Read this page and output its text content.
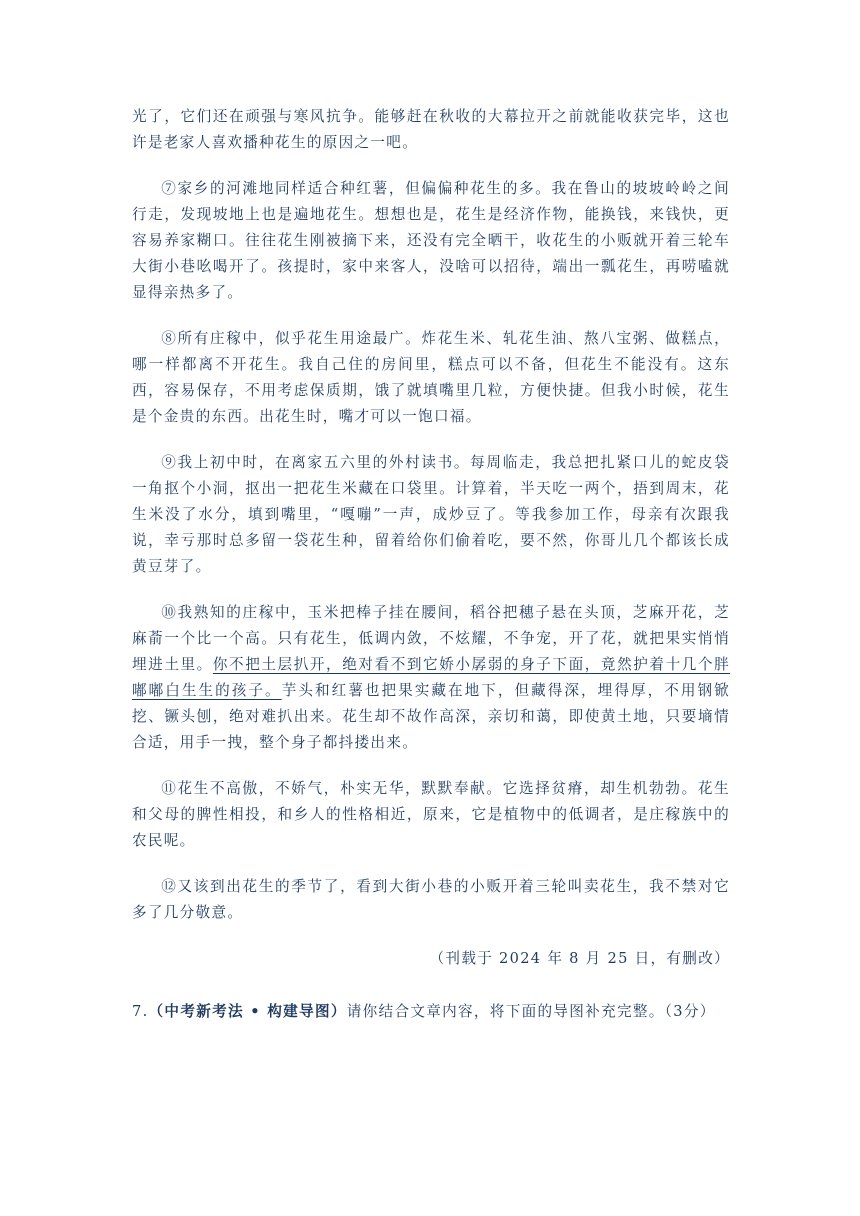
光了，它们还在顽强与寒风抗争。能够赶在秋收的大幕拉开之前就能收获完毕，这也许是老家人喜欢播种花生的原因之一吧。

⑦家乡的河滩地同样适合种红薯，但偏偏种花生的多。我在鲁山的坡坡岭岭之间行走，发现坡地上也是遍地花生。想想也是，花生是经济作物，能换钱，来钱快，更容易养家糊口。往往花生刚被摘下来，还没有完全晒干，收花生的小贩就开着三轮车大街小巷吆喝开了。孩提时，家中来客人，没啥可以招待，端出一瓢花生，再唠嗑就显得亲热多了。

⑧所有庄稼中，似乎花生用途最广。炸花生米、轧花生油、熬八宝粥、做糕点，哪一样都离不开花生。我自己住的房间里，糕点可以不备，但花生不能没有。这东西，容易保存，不用考虑保质期，饿了就填嘴里几粒，方便快捷。但我小时候，花生是个金贵的东西。出花生时，嘴才可以一饱口福。

⑨我上初中时，在离家五六里的外村读书。每周临走，我总把扎紧口儿的蛇皮袋一角抠个小洞，抠出一把花生米藏在口袋里。计算着，半天吃一两个，捂到周末，花生米没了水分，填到嘴里，“嘎嘣”一声，成炒豆了。等我参加工作，母亲有次跟我说，幸亏那时总多留一袋花生种，留着给你们偷着吃，要不然，你哥儿几个都该长成黄豆芽了。

⑩我熟知的庄稼中，玉米把棒子挂在腰间，稻谷把穗子悬在头顶，芝麻开花，芝麻萮一个比一个高。只有花生，低调内敛，不炫耀，不争宠，开了花，就把果实悄悄埋进土里。你不把土层扒开，绝对看不到它娇小孱弱的身子下面，竟然护着十几个胖嘟嘟白生生的孩子。芋头和红薯也把果实藏在地下，但藏得深，埋得厚，不用钢锨挖、镢头刨，绝对难扒出来。花生却不故作高深，亲切和蔼，即使黄土地，只要墒情合适，用手一拽，整个身子都抖搂出来。

⑪花生不高傲，不娇气，朴实无华，默默奉献。它选择贫瘠，却生机勃勃。花生和父母的脾性相投，和乡人的性格相近，原来，它是植物中的低调者，是庄稼族中的农民呢。

⑫又该到出花生的季节了，看到大街小巷的小贩开着三轮叫卖花生，我不禁对它多了几分敬意。

（刊载于 2024 年 8 月 25 日，有删改）

7.（中考新考法 • 构建导图）请你结合文章内容，将下面的导图补充完整。（3分）
